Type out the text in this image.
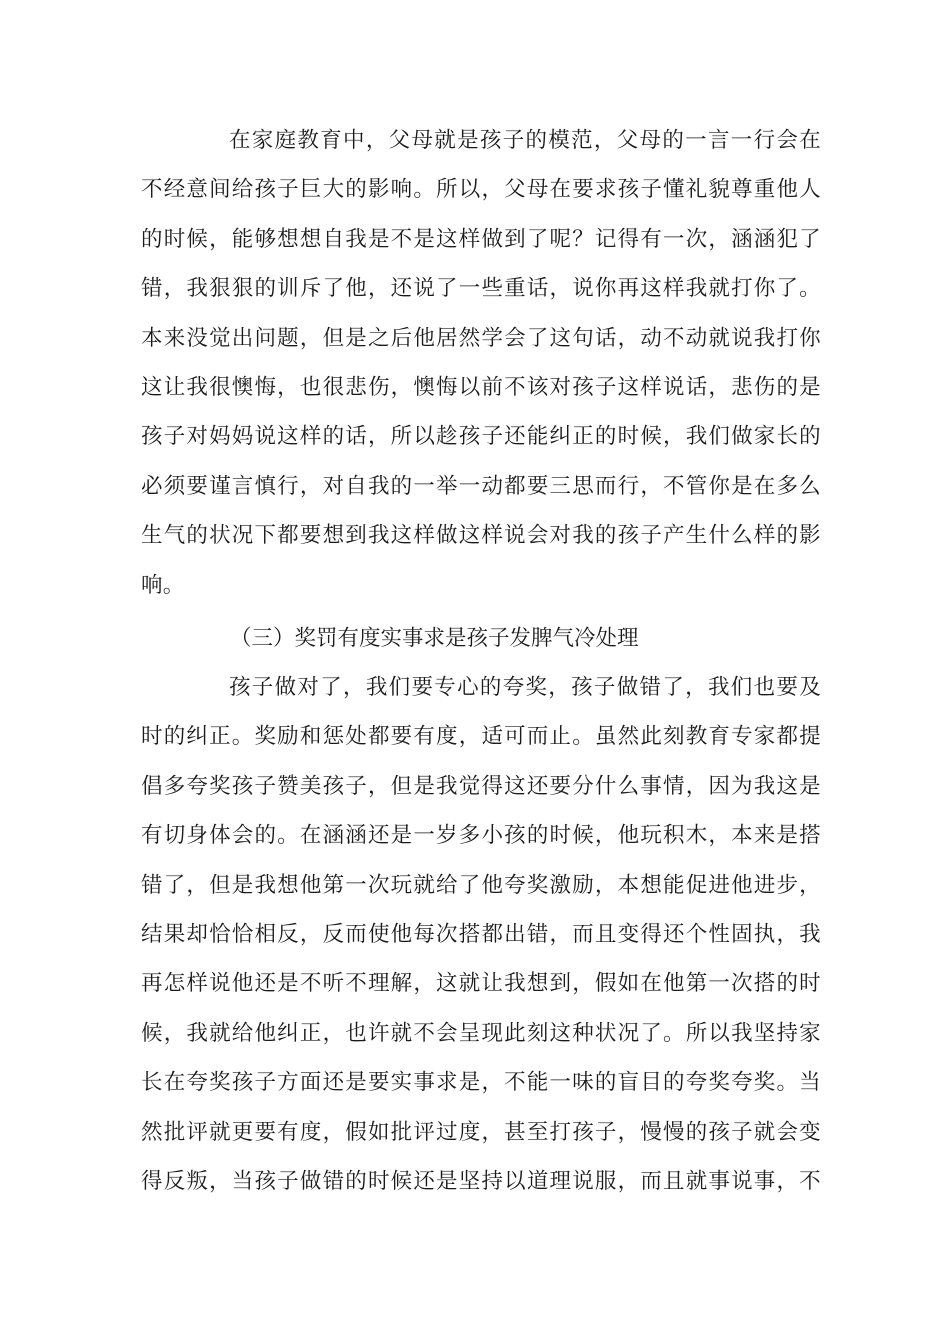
在家庭教育中，父母就是孩子的模范，父母的一言一行会在
不经意间给孩子巨大的影响。所以，父母在要求孩子懂礼貌尊重他人
的时候，能够想想自我是不是这样做到了呢？记得有一次，涵涵犯了
错，我狠狠的训斥了他，还说了一些重话，说你再这样我就打你了。
本来没觉出问题，但是之后他居然学会了这句话，动不动就说我打你
这让我很懊悔，也很悲伤，懊悔以前不该对孩子这样说话，悲伤的是
孩子对妈妈说这样的话，所以趁孩子还能纠正的时候，我们做家长的
必须要谨言慎行，对自我的一举一动都要三思而行，不管你是在多么
生气的状况下都要想到我这样做这样说会对我的孩子产生什么样的影
响。
（三）奖罚有度实事求是孩子发脾气冷处理
孩子做对了，我们要专心的夸奖，孩子做错了，我们也要及
时的纠正。奖励和惩处都要有度，适可而止。虽然此刻教育专家都提
倡多夸奖孩子赞美孩子，但是我觉得这还要分什么事情，因为我这是
有切身体会的。在涵涵还是一岁多小孩的时候，他玩积木，本来是搭
错了，但是我想他第一次玩就给了他夸奖激励，本想能促进他进步，
结果却恰恰相反，反而使他每次搭都出错，而且变得还个性固执，我
再怎样说他还是不听不理解，这就让我想到，假如在他第一次搭的时
候，我就给他纠正，也许就不会呈现此刻这种状况了。所以我坚持家
长在夸奖孩子方面还是要实事求是，不能一味的盲目的夸奖夸奖。当
然批评就更要有度，假如批评过度，甚至打孩子，慢慢的孩子就会变
得反叛，当孩子做错的时候还是坚持以道理说服，而且就事说事，不
